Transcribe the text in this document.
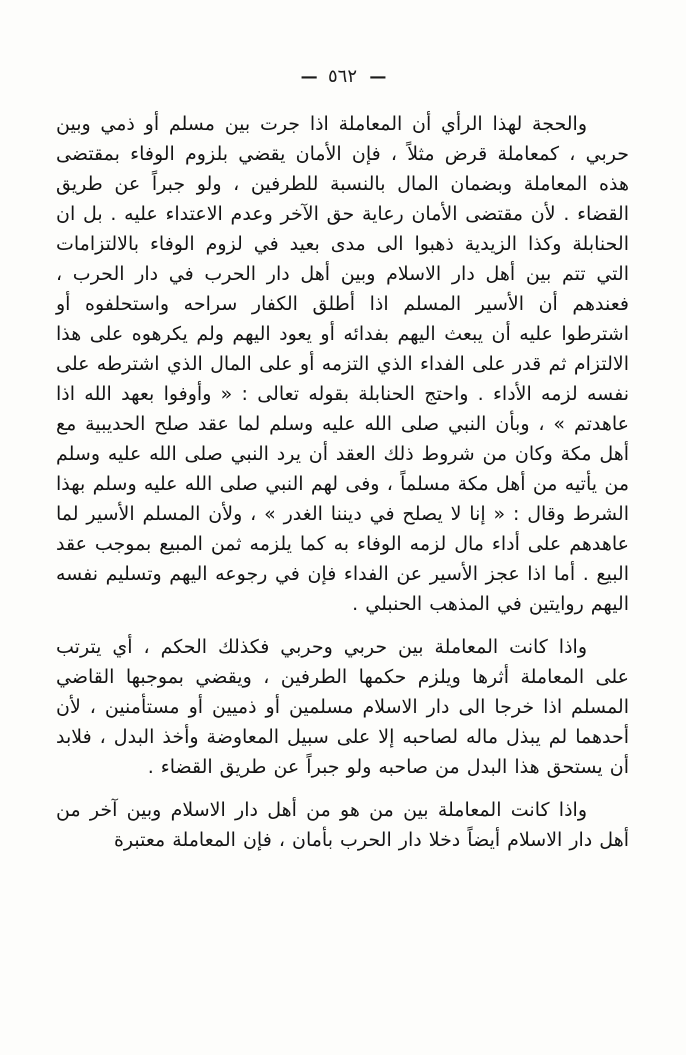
— ٥٦٢ —

والحجة لهذا الرأي أن المعاملة اذا جرت بين مسلم أو ذمي وبين حربي ، كمعاملة قرض مثلاً ، فإن الأمان يقضي بلزوم الوفاء بمقتضى هذه المعاملة وبضمان المال بالنسبة للطرفين ، ولو جبراً عن طريق القضاء . لأن مقتضى الأمان رعاية حق الآخر وعدم الاعتداء عليه . بل ان الحنابلة وكذا الزيدية ذهبوا الى مدى بعيد في لزوم الوفاء بالالتزامات التي تتم بين أهل دار الاسلام وبين أهل دار الحرب في دار الحرب ، فعندهم أن الأسير المسلم اذا أطلق الكفار سراحه واستحلفوه أو اشترطوا عليه أن يبعث اليهم بفدائه أو يعود اليهم ولم يكرهوه على هذا الالتزام ثم قدر على الفداء الذي التزمه أو على المال الذي اشترطه على نفسه لزمه الأداء . واحتج الحنابلة بقوله تعالى : « وأوفوا بعهد الله اذا عاهدتم » ، وبأن النبي صلى الله عليه وسلم لما عقد صلح الحديبية مع أهل مكة وكان من شروط ذلك العقد أن يرد النبي صلى الله عليه وسلم من يأتيه من أهل مكة مسلماً ، وفى لهم النبي صلى الله عليه وسلم بهذا الشرط وقال : « إنا لا يصلح في ديننا الغدر » ، ولأن المسلم الأسير لما عاهدهم على أداء مال لزمه الوفاء به كما يلزمه ثمن المبيع بموجب عقد البيع . أما اذا عجز الأسير عن الفداء فإن في رجوعه اليهم وتسليم نفسه اليهم روايتين في المذهب الحنبلي .

واذا كانت المعاملة بين حربي وحربي فكذلك الحكم ، أي يترتب على المعاملة أثرها ويلزم حكمها الطرفين ، ويقضي بموجبها القاضي المسلم اذا خرجا الى دار الاسلام مسلمين أو ذميين أو مستأمنين ، لأن أحدهما لم يبذل ماله لصاحبه إلا على سبيل المعاوضة وأخذ البدل ، فلابد أن يستحق هذا البدل من صاحبه ولو جبراً عن طريق القضاء .

واذا كانت المعاملة بين من هو من أهل دار الاسلام وبين آخر من أهل دار الاسلام أيضاً دخلا دار الحرب بأمان ، فإن المعاملة معتبرة
